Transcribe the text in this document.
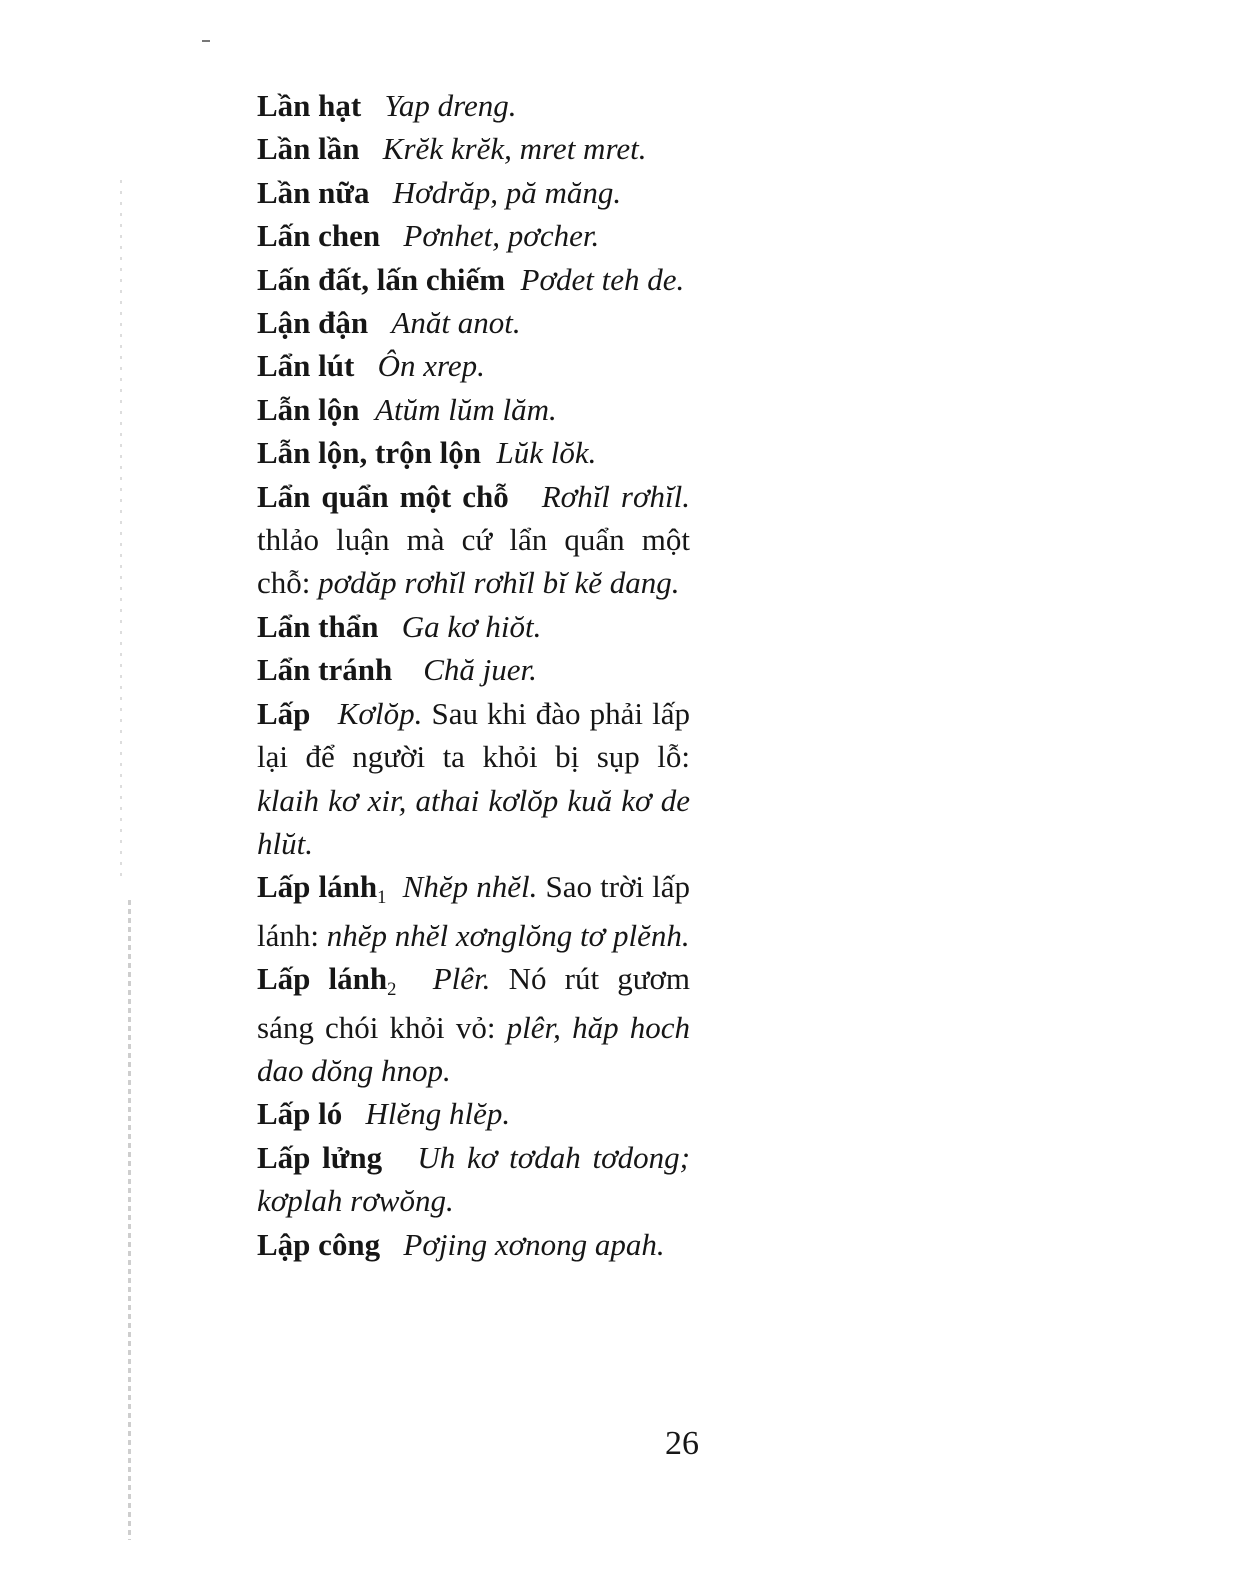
Lần hạt Yap dreng.

Lần lần Krĕk krĕk, mret mret.

Lần nữa Hơdrăp, pă măng.

Lấn chen Pơnhet, pơcher.

Lấn đất, lấn chiếm Pơdet teh de.

Lận đận Anăt anot.

Lẩn lút Ôn xrep.

Lẫn lộn Atŭm lŭm lăm.

Lẫn lộn, trộn lộn Lŭk lŏk.

Lẩn quẩn một chỗ Rơhĭl rơhĭl. thlảo luận mà cứ lẩn quẩn một chỗ: pơdăp rơhĭl rơhĭl bĭ kĕ dang.

Lẩn thẩn Ga kơ hiŏt.

Lẩn tránh Chă juer.

Lấp Kơlŏp. Sau khi đào phải lấp lại để người ta khỏi bị sụp lỗ: klaih kơ xir, athai kơlŏp kuă kơ de hlŭt.

Lấp lánh$_1$ Nhĕp nhĕl. Sao trời lấp lánh: nhĕp nhĕl xơnglŏng tơ plĕnh.

Lấp lánh$_2$ Plêr. Nó rút gươm sáng chói khỏi vỏ: plêr, hăp hoch dao dŏng hnop.

Lấp ló Hlĕng hlĕp.

Lấp lửng Uh kơ tơdah tơdong; kơplah rơwŏng.

Lập công Pơjing xơnong apah.

26
